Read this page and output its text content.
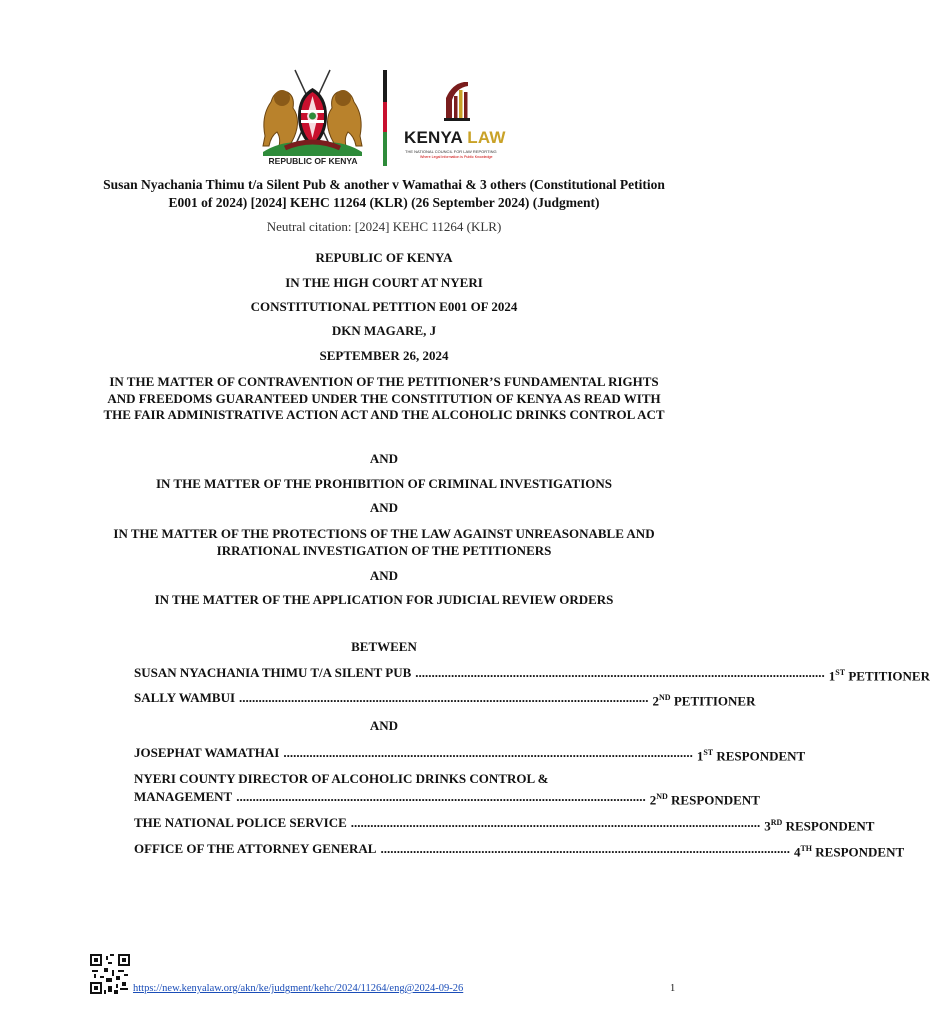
REPUBLIC OF KENYA
KENYA LAW
THE NATIONAL COUNCIL FOR LAW REPORTING
Where Legal Information is Public Knowledge
Susan Nyachania Thimu t/a Silent Pub & another v Wamathai & 3 others (Constitutional Petition E001 of 2024) [2024] KEHC 11264 (KLR) (26 September 2024) (Judgment)
Neutral citation: [2024] KEHC 11264 (KLR)
REPUBLIC OF KENYA
IN THE HIGH COURT AT NYERI
CONSTITUTIONAL PETITION E001 OF 2024
DKN MAGARE, J
SEPTEMBER 26, 2024
IN THE MATTER OF CONTRAVENTION OF THE PETITIONER’S FUNDAMENTAL RIGHTS AND FREEDOMS GUARANTEED UNDER THE CONSTITUTION OF KENYA AS READ WITH THE FAIR ADMINISTRATIVE ACTION ACT AND THE ALCOHOLIC DRINKS CONTROL ACT
AND
IN THE MATTER OF THE PROHIBITION OF CRIMINAL INVESTIGATIONS
AND
IN THE MATTER OF THE PROTECTIONS OF THE LAW AGAINST UNREASONABLE AND IRRATIONAL INVESTIGATION OF THE PETITIONERS
AND
IN THE MATTER OF THE APPLICATION FOR JUDICIAL REVIEW ORDERS
BETWEEN
SUSAN NYACHANIA THIMU T/A SILENT PUB .............................................................................................................................. 1ST PETITIONER
SALLY WAMBUI .............................................................................................................................. 2ND PETITIONER
AND
JOSEPHAT WAMATHAI .............................................................................................................................. 1ST RESPONDENT
NYERI COUNTY DIRECTOR OF ALCOHOLIC DRINKS CONTROL &
MANAGEMENT .............................................................................................................................. 2ND RESPONDENT
THE NATIONAL POLICE SERVICE .............................................................................................................................. 3RD RESPONDENT
OFFICE OF THE ATTORNEY GENERAL .............................................................................................................................. 4TH RESPONDENT
https://new.kenyalaw.org/akn/ke/judgment/kehc/2024/11264/eng@2024-09-26	1
